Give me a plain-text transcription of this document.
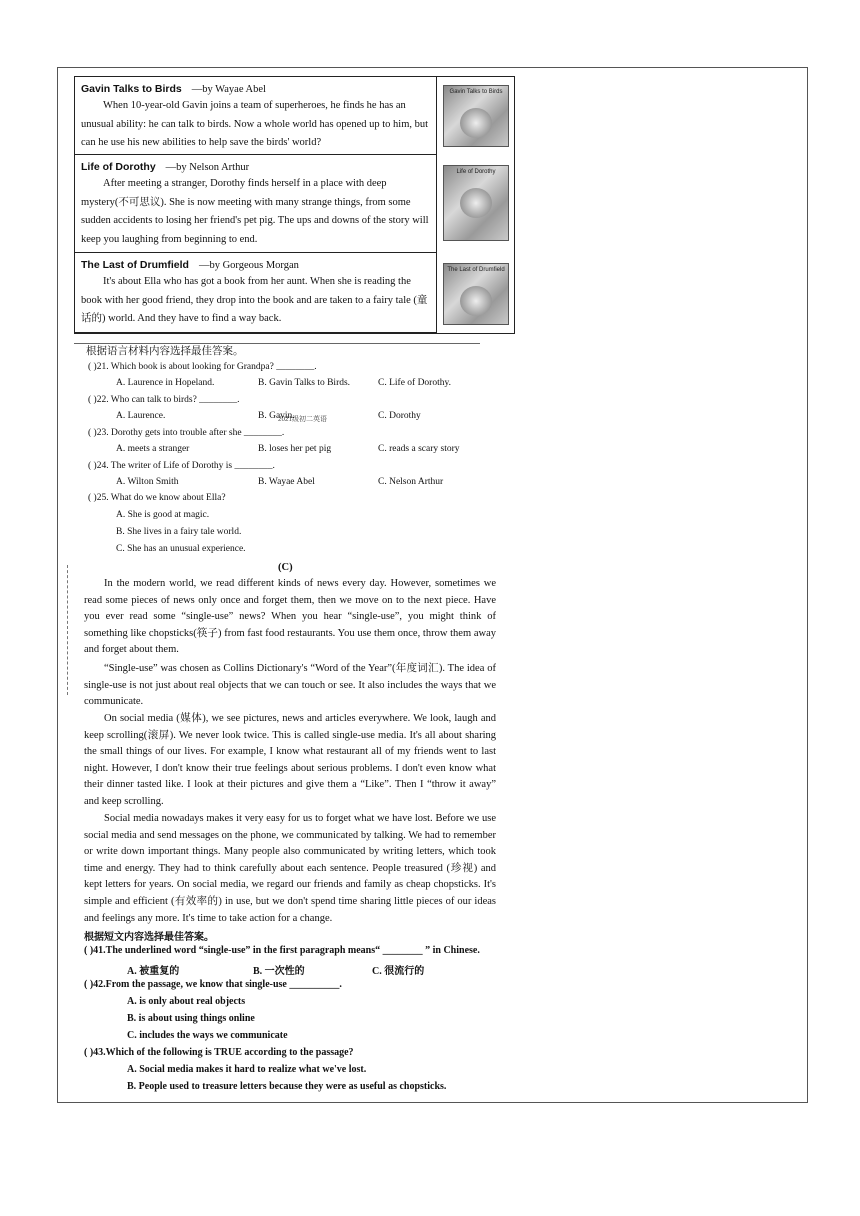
Gavin Talks to Birds —by Wayae Abel

When 10-year-old Gavin joins a team of superheroes, he finds he has an unusual ability: he can talk to birds. Now a whole world has opened up to him, but can he use his new abilities to help save the birds' world?

Life of Dorothy —by Nelson Arthur

After meeting a stranger, Dorothy finds herself in a place with deep mystery(不可思议). She is now meeting with many strange things, from some sudden accidents to losing her friend's pet pig. The ups and downs of the story will keep you laughing from beginning to end.

The Last of Drumfield —by Gorgeous Morgan

It's about Ella who has got a book from her aunt. When she is reading the book with her good friend, they drop into the book and are taken to a fairy tale (童话的) world. And they have to find a way back.

Gavin Talks to Birds
Life of Dorothy
The Last of Drumfield
根据语言材料内容选择最佳答案。
2021级初二英语
( )21. Which book is about looking for Grandpa? ________.
A. Laurence in Hopeland.	B. Gavin Talks to Birds.	C. Life of Dorothy.
( )22. Who can talk to birds? ________.
A. Laurence.	B. Gavin.	C. Dorothy
( )23. Dorothy gets into trouble after she ________.
A. meets a stranger	B. loses her pet pig	C. reads a scary story
( )24. The writer of Life of Dorothy is ________.
A. Wilton Smith	B. Wayae Abel	C. Nelson Arthur
( )25. What do we know about Ella?
A. She is good at magic.
B. She lives in a fairy tale world.
C. She has an unusual experience.
(C)

In the modern world, we read different kinds of news every day. However, sometimes we read some pieces of news only once and forget them, then we move on to the next piece. Have you ever read some “single-use” news? When you hear “single-use”, you might think of something like chopsticks(筷子) from fast food restaurants. You use them once, throw them away and forget about them.

“Single-use” was chosen as Collins Dictionary's “Word of the Year”(年度词汇). The idea of single-use is not just about real objects that we can touch or see. It also includes the ways that we communicate.

On social media (媒体), we see pictures, news and articles everywhere. We look, laugh and keep scrolling(滚屏). We never look twice. This is called single-use media. It's all about sharing the small things of our lives. For example, I know what restaurant all of my friends went to last night. However, I don't know their true feelings about serious problems. I don't even know what their dinner tasted like. I look at their pictures and give them a “Like”. Then I “throw it away” and keep scrolling.

Social media nowadays makes it very easy for us to forget what we have lost. Before we use social media and send messages on the phone, we communicated by talking. We had to remember or write down important things. Many people also communicated by writing letters, which took time and energy. They had to think carefully about each sentence. People treasured (珍视) and kept letters for years. On social media, we regard our friends and family as cheap chopsticks. It's simple and efficient (有效率的) in use, but we don't spend time sharing little pieces of our ideas and feelings any more. It's time to take action for a change.

根据短文内容选择最佳答案。
( )41.The underlined word “single-use” in the first paragraph means“ ________ ” in Chinese.
A. 被重复的	B. 一次性的	C. 很流行的
( )42.From the passage, we know that single-use __________.
A. is only about real objects
B. is about using things online
C. includes the ways we communicate
( )43.Which of the following is TRUE according to the passage?
A. Social media makes it hard to realize what we've lost.
B. People used to treasure letters because they were as useful as chopsticks.
